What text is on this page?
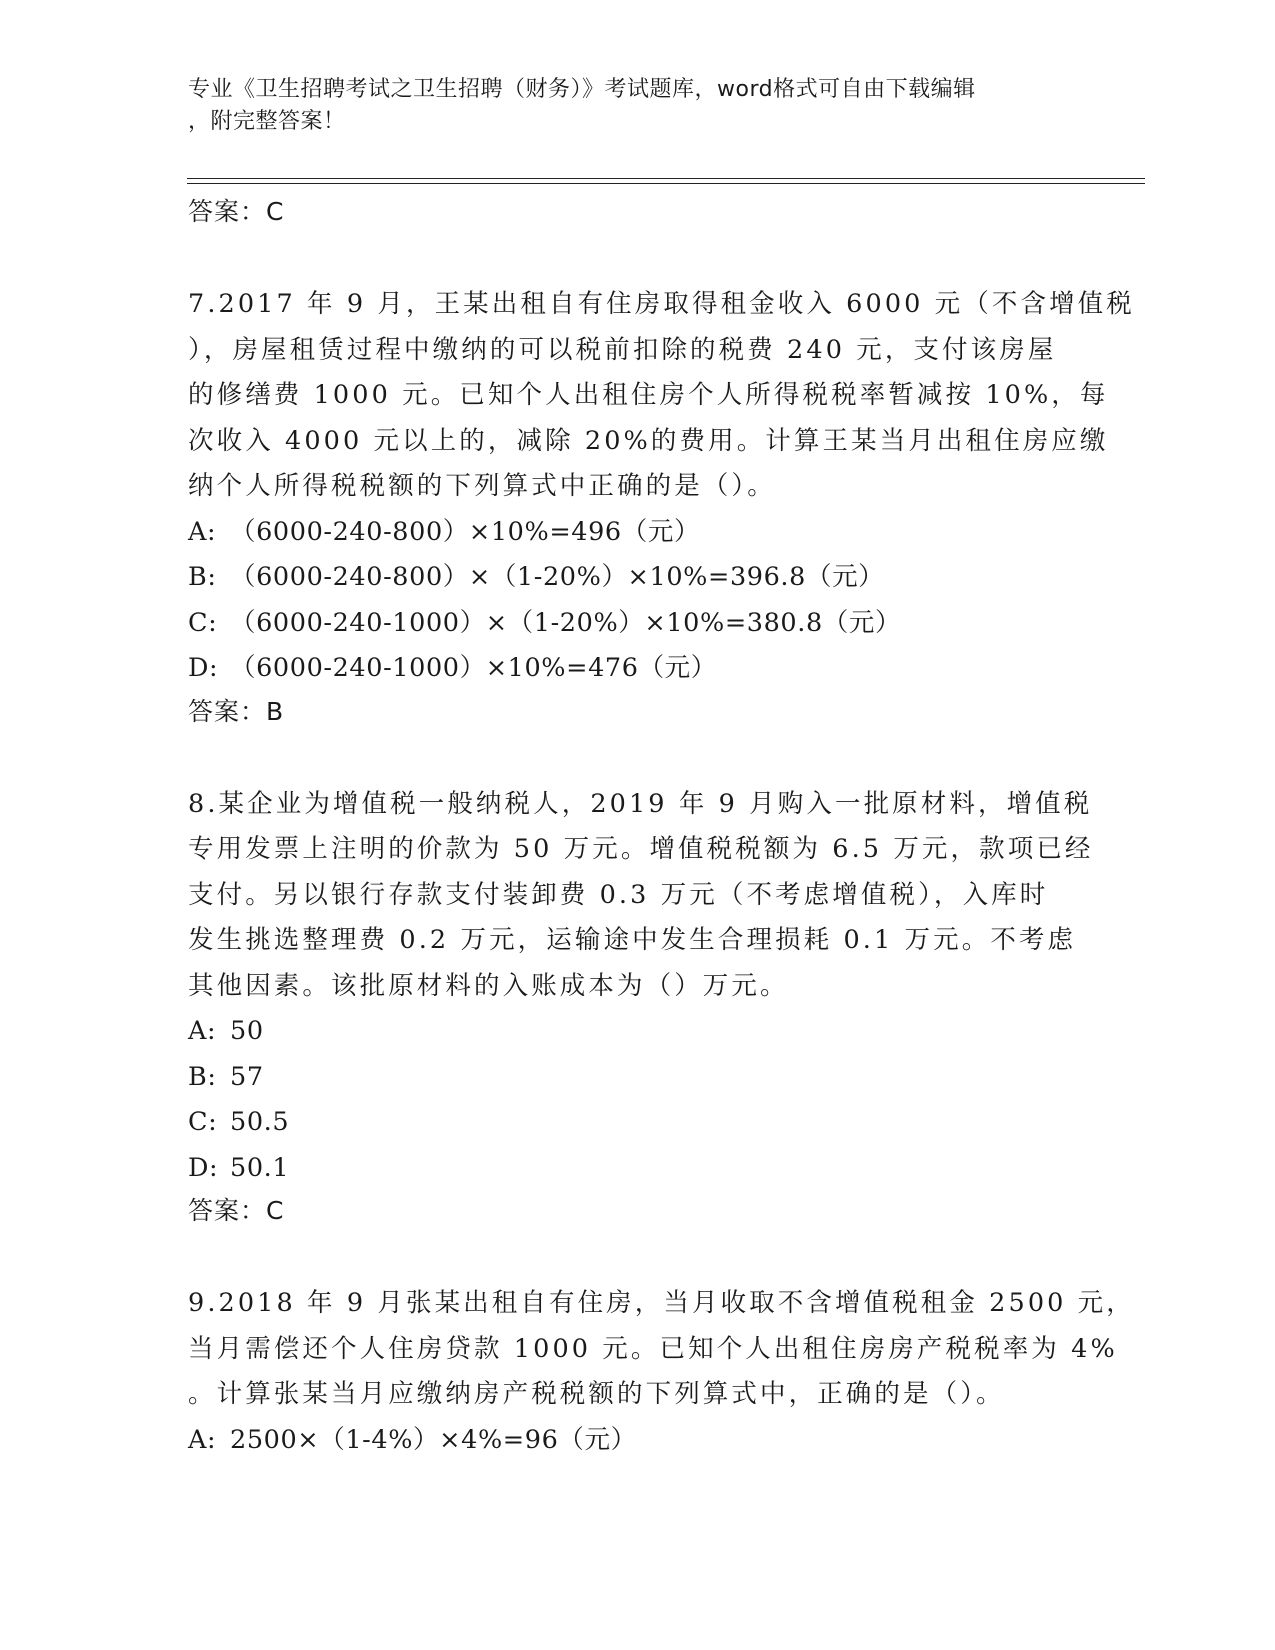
专业《卫生招聘考试之卫生招聘（财务）》考试题库，word格式可自由下载编辑
，附完整答案！
答案：C

7.2017 年 9 月，王某出租自有住房取得租金收入 6000 元（不含增值税
），房屋租赁过程中缴纳的可以税前扣除的税费 240 元，支付该房屋
的修缮费 1000 元。已知个人出租住房个人所得税税率暂减按 10%，每
次收入 4000 元以上的，减除 20%的费用。计算王某当月出租住房应缴
纳个人所得税税额的下列算式中正确的是（）。

A: （6000-240-800）×10%=496（元）
B: （6000-240-800）×（1-20%）×10%=396.8（元）
C: （6000-240-1000）×（1-20%）×10%=380.8（元）
D: （6000-240-1000）×10%=476（元）
答案：B

8.某企业为增值税一般纳税人，2019 年 9 月购入一批原材料，增值税
专用发票上注明的价款为 50 万元。增值税税额为 6.5 万元，款项已经
支付。另以银行存款支付装卸费 0.3 万元（不考虑增值税），入库时
发生挑选整理费 0.2 万元，运输途中发生合理损耗 0.1 万元。不考虑
其他因素。该批原材料的入账成本为（）万元。

A: 50
B: 57
C: 50.5
D: 50.1
答案：C

9.2018 年 9 月张某出租自有住房，当月收取不含增值税租金 2500 元，
当月需偿还个人住房贷款 1000 元。已知个人出租住房房产税税率为 4%
。计算张某当月应缴纳房产税税额的下列算式中，正确的是（）。

A: 2500×（1-4%）×4%=96（元）
